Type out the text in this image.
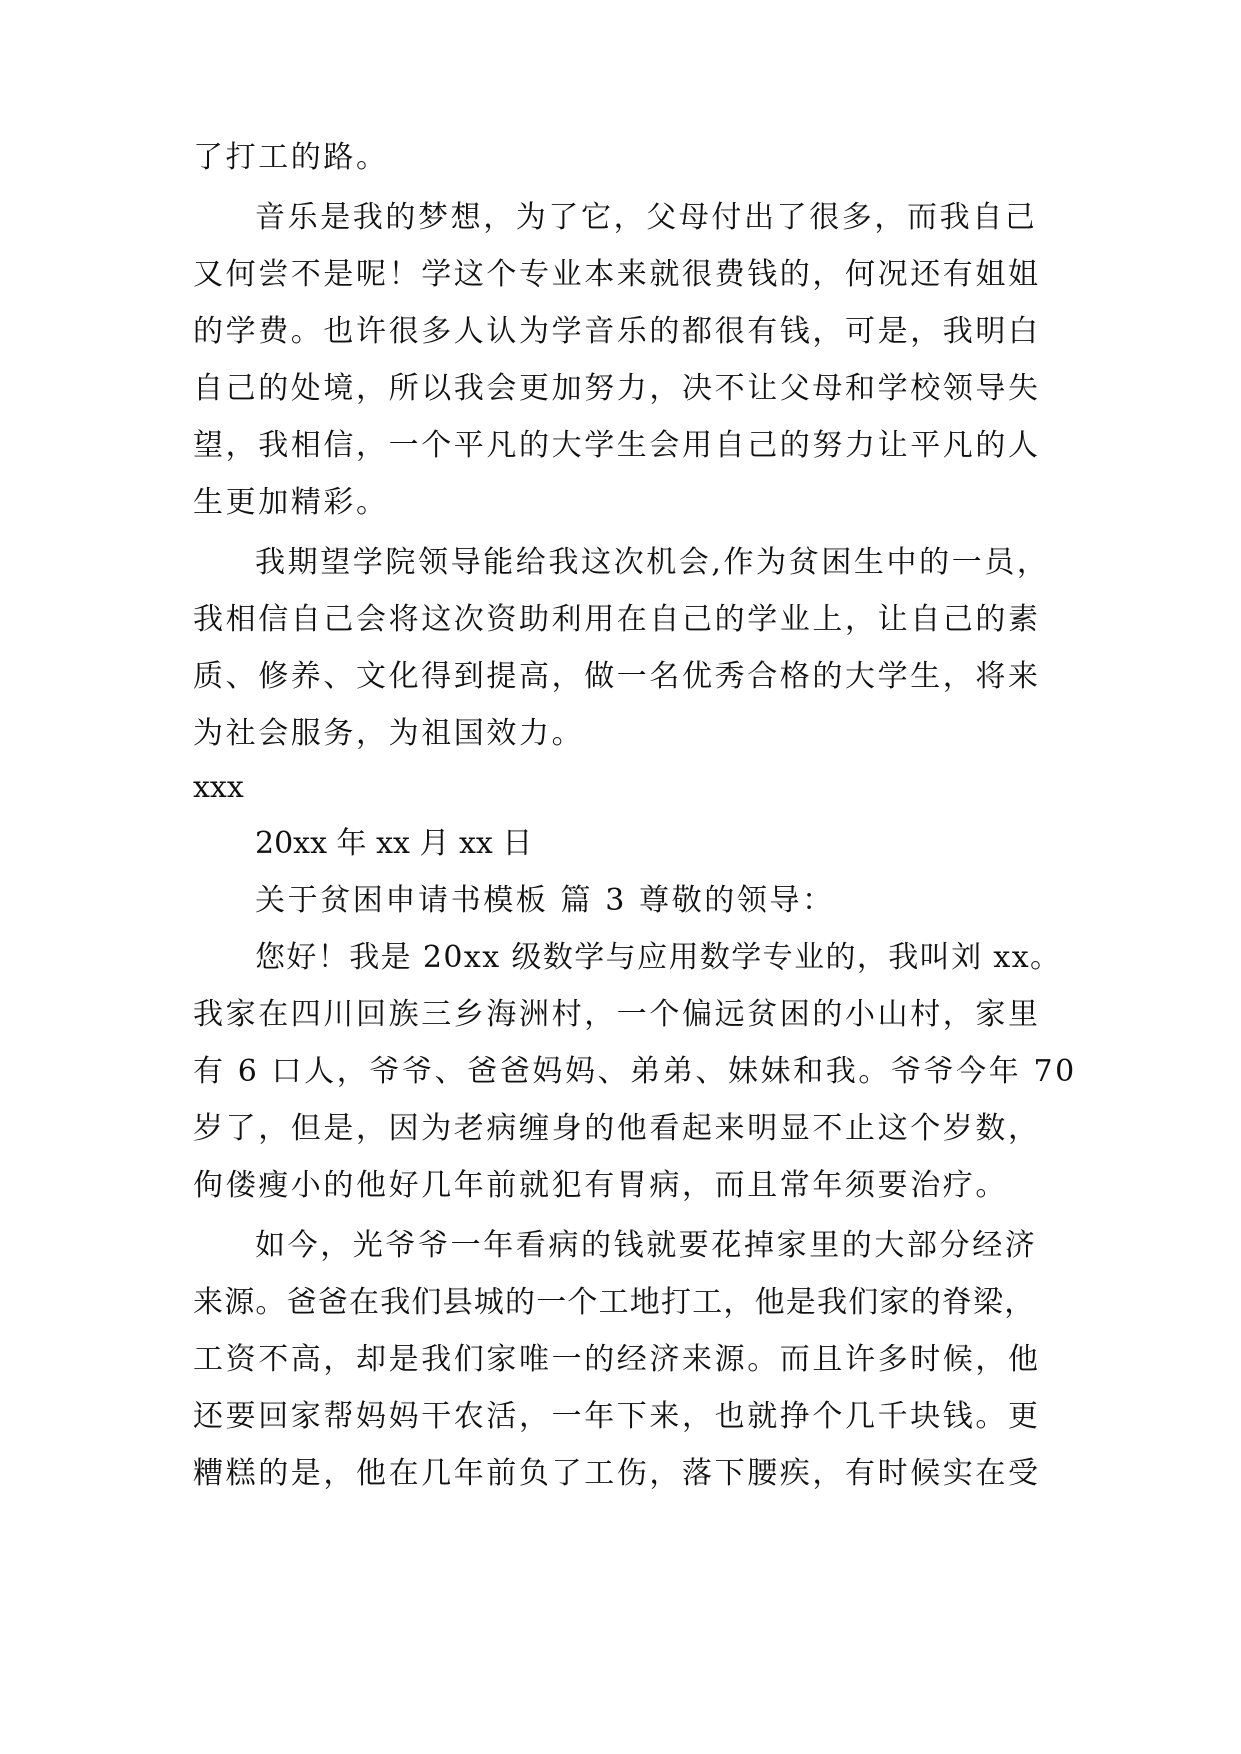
了打工的路。
音乐是我的梦想，为了它，父母付出了很多，而我自己
又何尝不是呢！学这个专业本来就很费钱的，何况还有姐姐
的学费。也许很多人认为学音乐的都很有钱，可是，我明白
自己的处境，所以我会更加努力，决不让父母和学校领导失
望，我相信，一个平凡的大学生会用自己的努力让平凡的人
生更加精彩。
我期望学院领导能给我这次机会,作为贫困生中的一员，
我相信自己会将这次资助利用在自己的学业上，让自己的素
质、修养、文化得到提高，做一名优秀合格的大学生，将来
为社会服务，为祖国效力。
xxx
20xx 年 xx 月 xx 日
关于贫困申请书模板 篇 3 尊敬的领导：
您好！我是 20xx 级数学与应用数学专业的，我叫刘 xx。
我家在四川回族三乡海洲村，一个偏远贫困的小山村，家里
有 6 口人，爷爷、爸爸妈妈、弟弟、妹妹和我。爷爷今年 70
岁了，但是，因为老病缠身的他看起来明显不止这个岁数，
佝偻瘦小的他好几年前就犯有胃病，而且常年须要治疗。
如今，光爷爷一年看病的钱就要花掉家里的大部分经济
来源。爸爸在我们县城的一个工地打工，他是我们家的脊梁，
工资不高，却是我们家唯一的经济来源。而且许多时候，他
还要回家帮妈妈干农活，一年下来，也就挣个几千块钱。更
糟糕的是，他在几年前负了工伤，落下腰疾，有时候实在受
